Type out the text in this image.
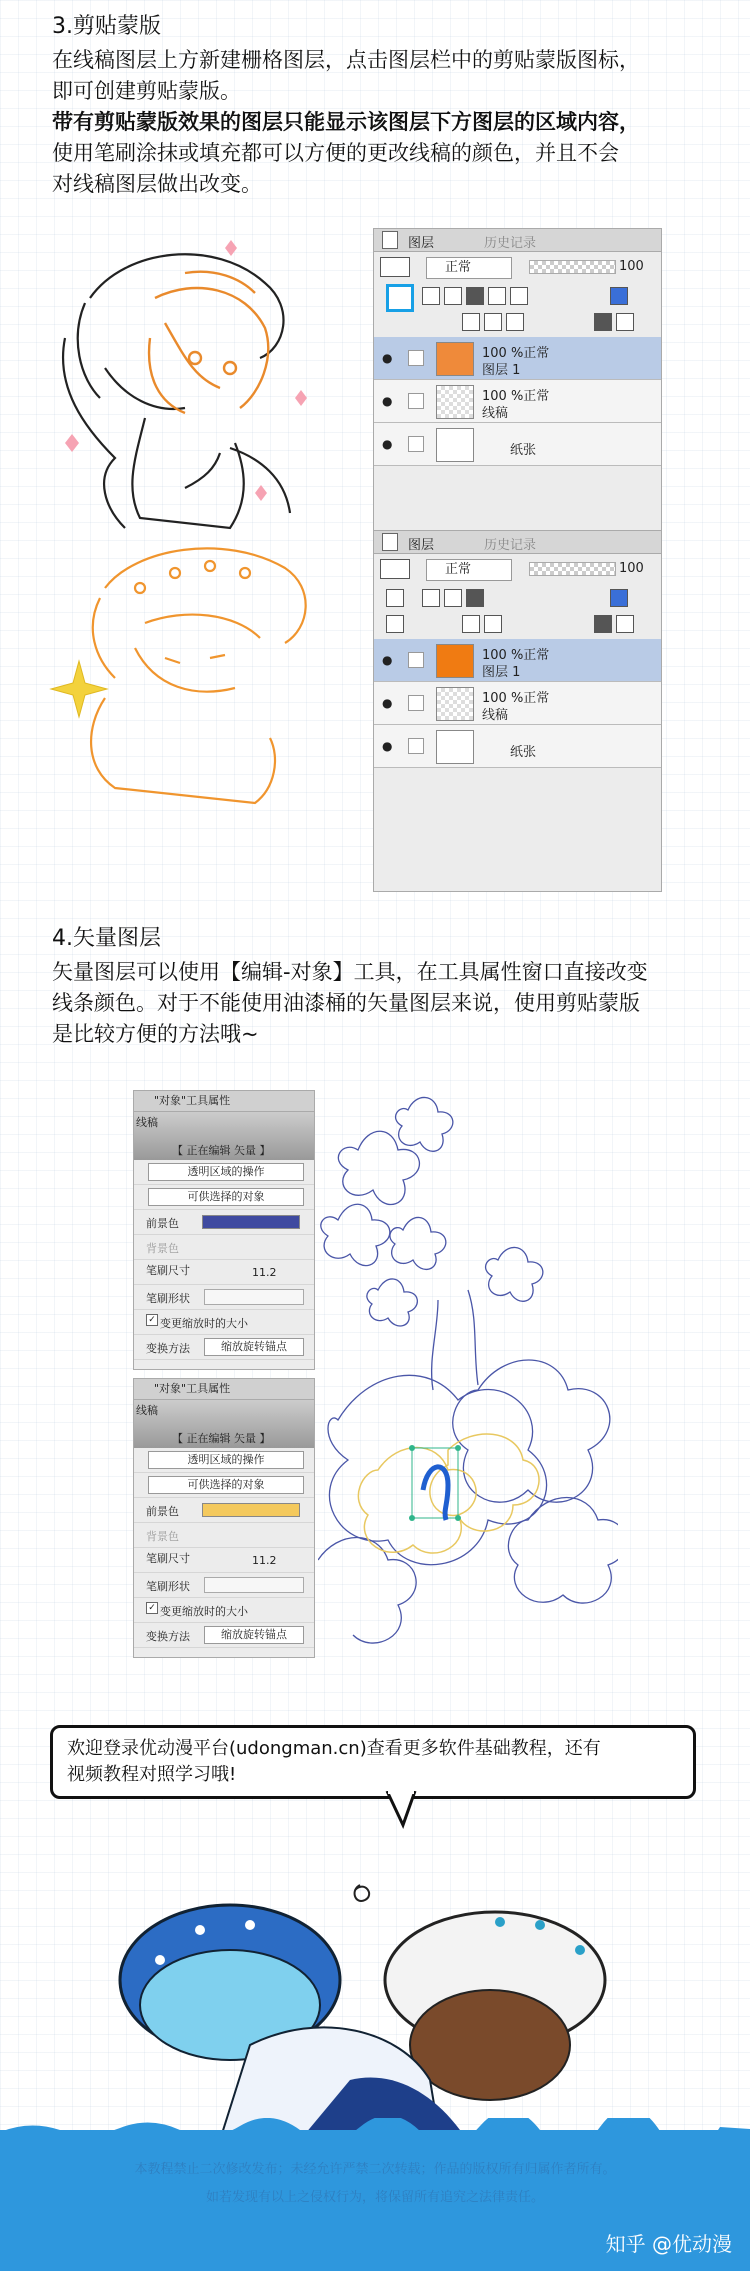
3.剪贴蒙版
在线稿图层上方新建栅格图层，点击图层栏中的剪贴蒙版图标，
即可创建剪贴蒙版。
带有剪贴蒙版效果的图层只能显示该图层下方图层的区域内容，
使用笔刷涂抹或填充都可以方便的更改线稿的颜色，并且不会
对线稿图层做出改变。
图层	历史记录
正常	100
●	100 %正常
图层 1
●	100 %正常
线稿
●	纸张
图层	历史记录
正常	100
●	100 %正常
图层 1
●	100 %正常
线稿
●	纸张
4.矢量图层
矢量图层可以使用【编辑-对象】工具，在工具属性窗口直接改变
线条颜色。对于不能使用油漆桶的矢量图层来说，使用剪贴蒙版
是比较方便的方法哦~
"对象"工具属性
线稿
【 正在编辑 矢量 】
透明区域的操作
可供选择的对象
前景色
背景色
笔刷尺寸	11.2
笔刷形状
✓ 变更缩放时的大小
变换方法	缩放旋转锚点
"对象"工具属性
线稿
【 正在编辑 矢量 】
透明区域的操作
可供选择的对象
前景色
背景色
笔刷尺寸	11.2
笔刷形状
✓ 变更缩放时的大小
变换方法	缩放旋转锚点
欢迎登录优动漫平台(udongman.cn)查看更多软件基础教程，还有
视频教程对照学习哦!
本教程禁止二次修改发布；未经允许严禁二次转载；作品的版权所有归属作者所有。
如若发现有以上之侵权行为，将保留所有追究之法律责任。
知乎 @优动漫
